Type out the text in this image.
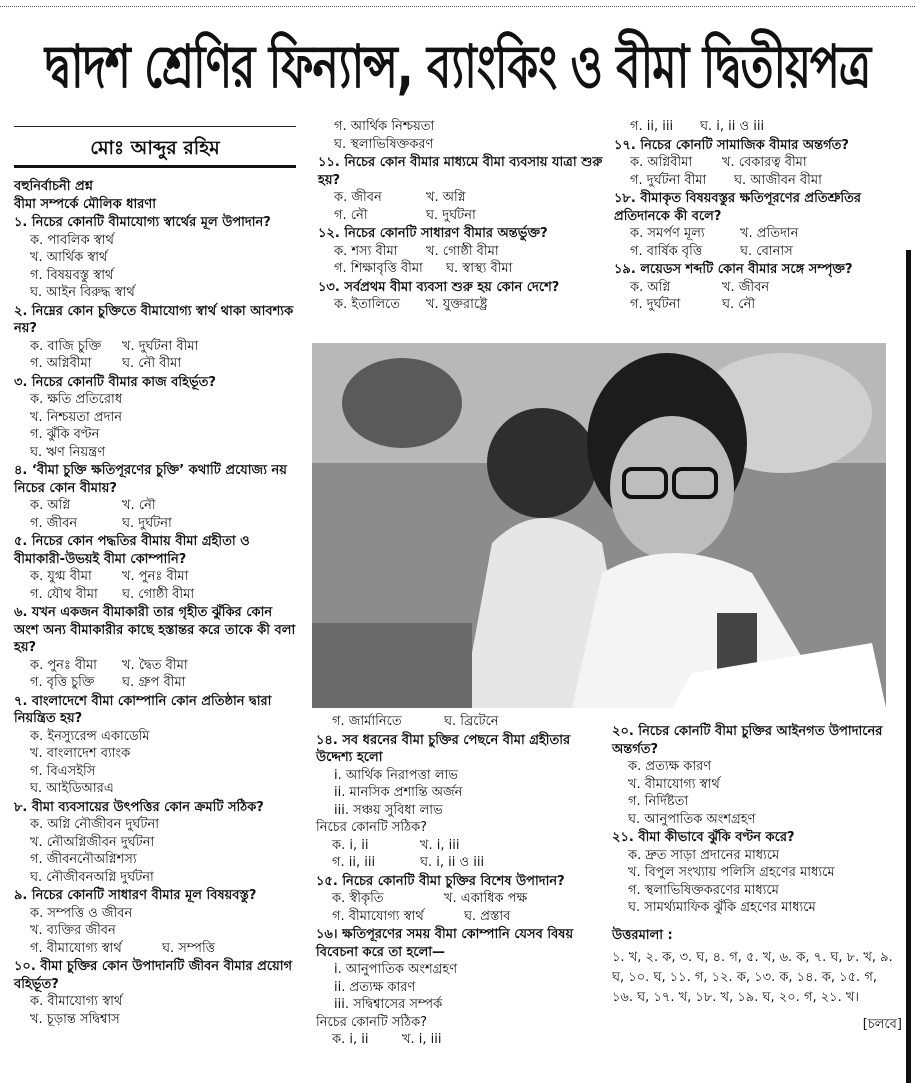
দ্বাদশ শ্রেণির ফিন্যান্স, ব্যাংকিং ও বীমা দ্বিতীয়পত্র
মোঃ আব্দুর রহিম
বহুনির্বাচনী প্রশ্ন
বীমা সম্পর্কে মৌলিক ধারণা
১. নিচের কোনটি বীমাযোগ্য স্বার্থের মূল উপাদান?
ক. পাবলিক স্বার্থ
খ. আর্থিক স্বার্থ
গ. বিষয়বস্তু স্বার্থ
ঘ. আইন বিরুদ্ধ স্বার্থ
২. নিম্নের কোন চুক্তিতে বীমাযোগ্য স্বার্থ থাকা আবশ্যক নয়?
ক. বাজি চুক্তি	খ. দুর্ঘটনা বীমা
গ. অগ্নিবীমা	ঘ. নৌ বীমা
৩. নিচের কোনটি বীমার কাজ বহির্ভূত?
ক. ক্ষতি প্রতিরোধ
খ. নিশ্চয়তা প্রদান
গ. ঝুঁকি বণ্টন
ঘ. ঋণ নিয়ন্ত্রণ
৪. ‘বীমা চুক্তি ক্ষতিপূরণের চুক্তি’ কথাটি প্রযোজ্য নয় নিচের কোন বীমায়?
ক. অগ্নি	খ. নৌ
গ. জীবন	ঘ. দুর্ঘটনা
৫. নিচের কোন পদ্ধতির বীমায় বীমা গ্রহীতা ও বীমাকারী-উভয়ই বীমা কোম্পানি?
ক. যুগ্ম বীমা	খ. পুনঃ বীমা
গ. যৌথ বীমা	ঘ. গোষ্ঠী বীমা
৬. যখন একজন বীমাকারী তার গৃহীত ঝুঁকির কোন অংশ অন্য বীমাকারীর কাছে হস্তান্তর করে তাকে কী বলা হয়?
ক. পুনঃ বীমা	খ. দ্বৈত বীমা
গ. বৃত্তি চুক্তি	ঘ. গ্রুপ বীমা
৭. বাংলাদেশে বীমা কোম্পানি কোন প্রতিষ্ঠান দ্বারা নিয়ন্ত্রিত হয়?
ক. ইনস্যুরেন্স একাডেমি
খ. বাংলাদেশ ব্যাংক
গ. বিএসইসি
ঘ. আইডিআরএ
৮. বীমা ব্যবসায়ের উৎপত্তির কোন ক্রমটি সঠিক?
ক. অগ্নি নৌজীবন দুর্ঘটনা
খ. নৌঅগ্নিজীবন দুর্ঘটনা
গ. জীবননৌঅগ্নিশস্য
ঘ. নৌজীবনঅগ্নি দুর্ঘটনা
৯. নিচের কোনটি সাধারণ বীমার মূল বিষয়বস্তু?
ক. সম্পত্তি ও জীবন
খ. ব্যক্তির জীবন
গ. বীমাযোগ্য স্বার্থ	ঘ. সম্পত্তি
১০. বীমা চুক্তির কোন উপাদানটি জীবন বীমার প্রয়োগ বহির্ভূত?
ক. বীমাযোগ্য স্বার্থ
খ. চূড়ান্ত সদ্বিশ্বাস
গ. আর্থিক নিশ্চয়তা
ঘ. স্থলাভিষিক্তকরণ
১১. নিচের কোন বীমার মাধ্যমে বীমা ব্যবসায় যাত্রা শুরু হয়?
ক. জীবন	খ. অগ্নি
গ. নৌ	ঘ. দুর্ঘটনা
১২. নিচের কোনটি সাধারণ বীমার অন্তর্ভুক্ত?
ক. শস্য বীমা	খ. গোষ্ঠী বীমা
গ. শিক্ষাবৃত্তি বীমা	ঘ. স্বাস্থ্য বীমা
১৩. সর্বপ্রথম বীমা ব্যবসা শুরু হয় কোন দেশে?
ক. ইতালিতে	খ. যুক্তরাষ্ট্রে
গ. ii, iii	ঘ. i, ii ও iii
১৭. নিচের কোনটি সামাজিক বীমার অন্তর্গত?
ক. অগ্নিবীমা	খ. বেকারত্ব বীমা
গ. দুর্ঘটনা বীমা	ঘ. আজীবন বীমা
১৮. বীমাকৃত বিষয়বস্তুর ক্ষতিপূরণের প্রতিশ্রুতির প্রতিদানকে কী বলে?
ক. সমর্পণ মূল্য	খ. প্রতিদান
গ. বার্ষিক বৃত্তি	ঘ. বোনাস
১৯. লয়েডস শব্দটি কোন বীমার সঙ্গে সম্পৃক্ত?
ক. অগ্নি	খ. জীবন
গ. দুর্ঘটনা	ঘ. নৌ
গ. জার্মানিতে	ঘ. ব্রিটেনে
১৪. সব ধরনের বীমা চুক্তির পেছনে বীমা গ্রহীতার উদ্দেশ্য হলো
i. আর্থিক নিরাপত্তা লাভ
ii. মানসিক প্রশান্তি অর্জন
iii. সঞ্চয় সুবিধা লাভ
নিচের কোনটি সঠিক?
ক. i, ii	খ. i, iii
গ. ii, iii	ঘ. i, ii ও iii
১৫. নিচের কোনটি বীমা চুক্তির বিশেষ উপাদান?
ক. স্বীকৃতি	খ. একাধিক পক্ষ
গ. বীমাযোগ্য স্বার্থ	ঘ. প্রস্তাব
১৬। ক্ষতিপূরণের সময় বীমা কোম্পানি যেসব বিষয় বিবেচনা করে তা হলো—
i. আনুপাতিক অংশগ্রহণ
ii. প্রত্যক্ষ কারণ
iii. সদ্বিশ্বাসের সম্পর্ক
নিচের কোনটি সঠিক?
ক. i, ii	খ. i, iii
২০. নিচের কোনটি বীমা চুক্তির আইনগত উপাদানের অন্তর্গত?
ক. প্রত্যক্ষ কারণ
খ. বীমাযোগ্য স্বার্থ
গ. নির্দিষ্টতা
ঘ. আনুপাতিক অংশগ্রহণ
২১. বীমা কীভাবে ঝুঁকি বণ্টন করে?
ক. দ্রুত সাড়া প্রদানের মাধ্যমে
খ. বিপুল সংখ্যায় পলিসি গ্রহণের মাধ্যমে
গ. স্থলাভিষিক্তকরণের মাধ্যমে
ঘ. সামর্থ্যমাফিক ঝুঁকি গ্রহণের মাধ্যমে
উত্তরমালা :
১. খ, ২. ক, ৩. ঘ, ৪. গ, ৫. খ, ৬. ক, ৭. ঘ, ৮. খ, ৯. ঘ, ১০. ঘ, ১১. গ, ১২. ক, ১৩. ক, ১৪. ক, ১৫. গ, ১৬. ঘ, ১৭. খ, ১৮. খ, ১৯. ঘ, ২০. গ, ২১. খ।
[চলবে]
